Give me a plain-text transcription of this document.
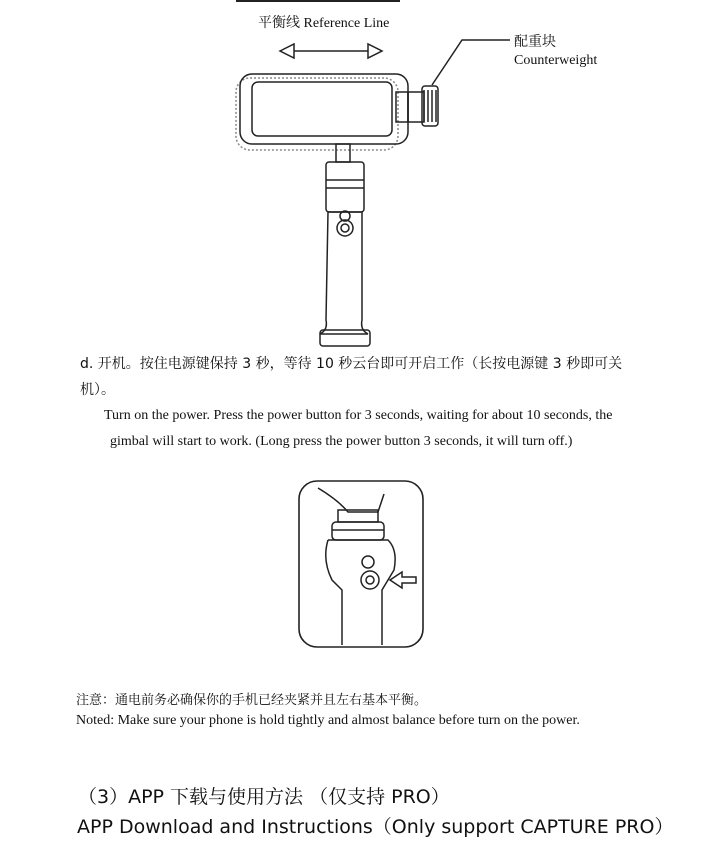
平衡线 Reference Line
配重块
Counterweight
d. 开机。按住电源键保持 3 秒，等待 10 秒云台即可开启工作（长按电源键 3 秒即可关机）。
Turn on the power. Press the power button for 3 seconds, waiting for about 10 seconds, the
gimbal will start to work. (Long press the power button 3 seconds, it will turn off.)
注意：通电前务必确保你的手机已经夹紧并且左右基本平衡。
Noted: Make sure your phone is hold tightly and almost balance before turn on the power.
（3）APP 下载与使用方法 （仅支持 PRO）
APP Download and Instructions（Only support CAPTURE PRO）
